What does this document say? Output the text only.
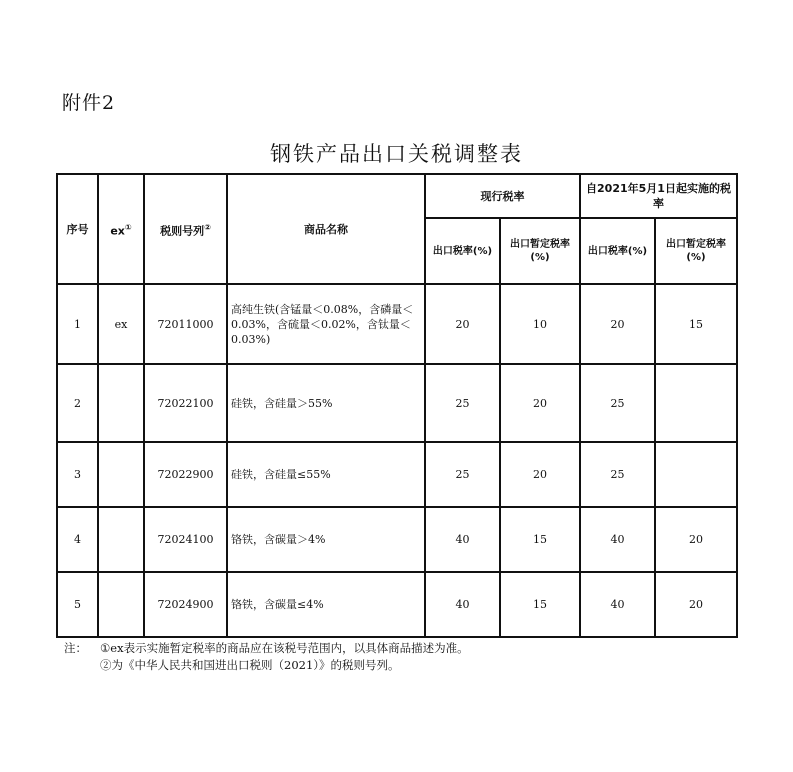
附件2
钢铁产品出口关税调整表
序号	ex①	税则号列②	商品名称	现行税率		自2021年5月1日起实施的税率	
				出口税率(%)	出口暂定税率(%)	出口税率(%)	出口暂定税率(%)
1	ex	72011000	高纯生铁(含锰量＜0.08%，含磷量＜0.03%，含硫量＜0.02%，含钛量＜0.03%)	20	10	20	15
2		72022100	硅铁，含硅量＞55%	25	20	25	
3		72022900	硅铁，含硅量≤55%	25	20	25	
4		72024100	铬铁，含碳量＞4%	40	15	40	20
5		72024900	铬铁，含碳量≤4%	40	15	40	20
注： ①ex表示实施暂定税率的商品应在该税号范围内，以具体商品描述为准。
②为《中华人民共和国进出口税则（2021）》的税则号列。
